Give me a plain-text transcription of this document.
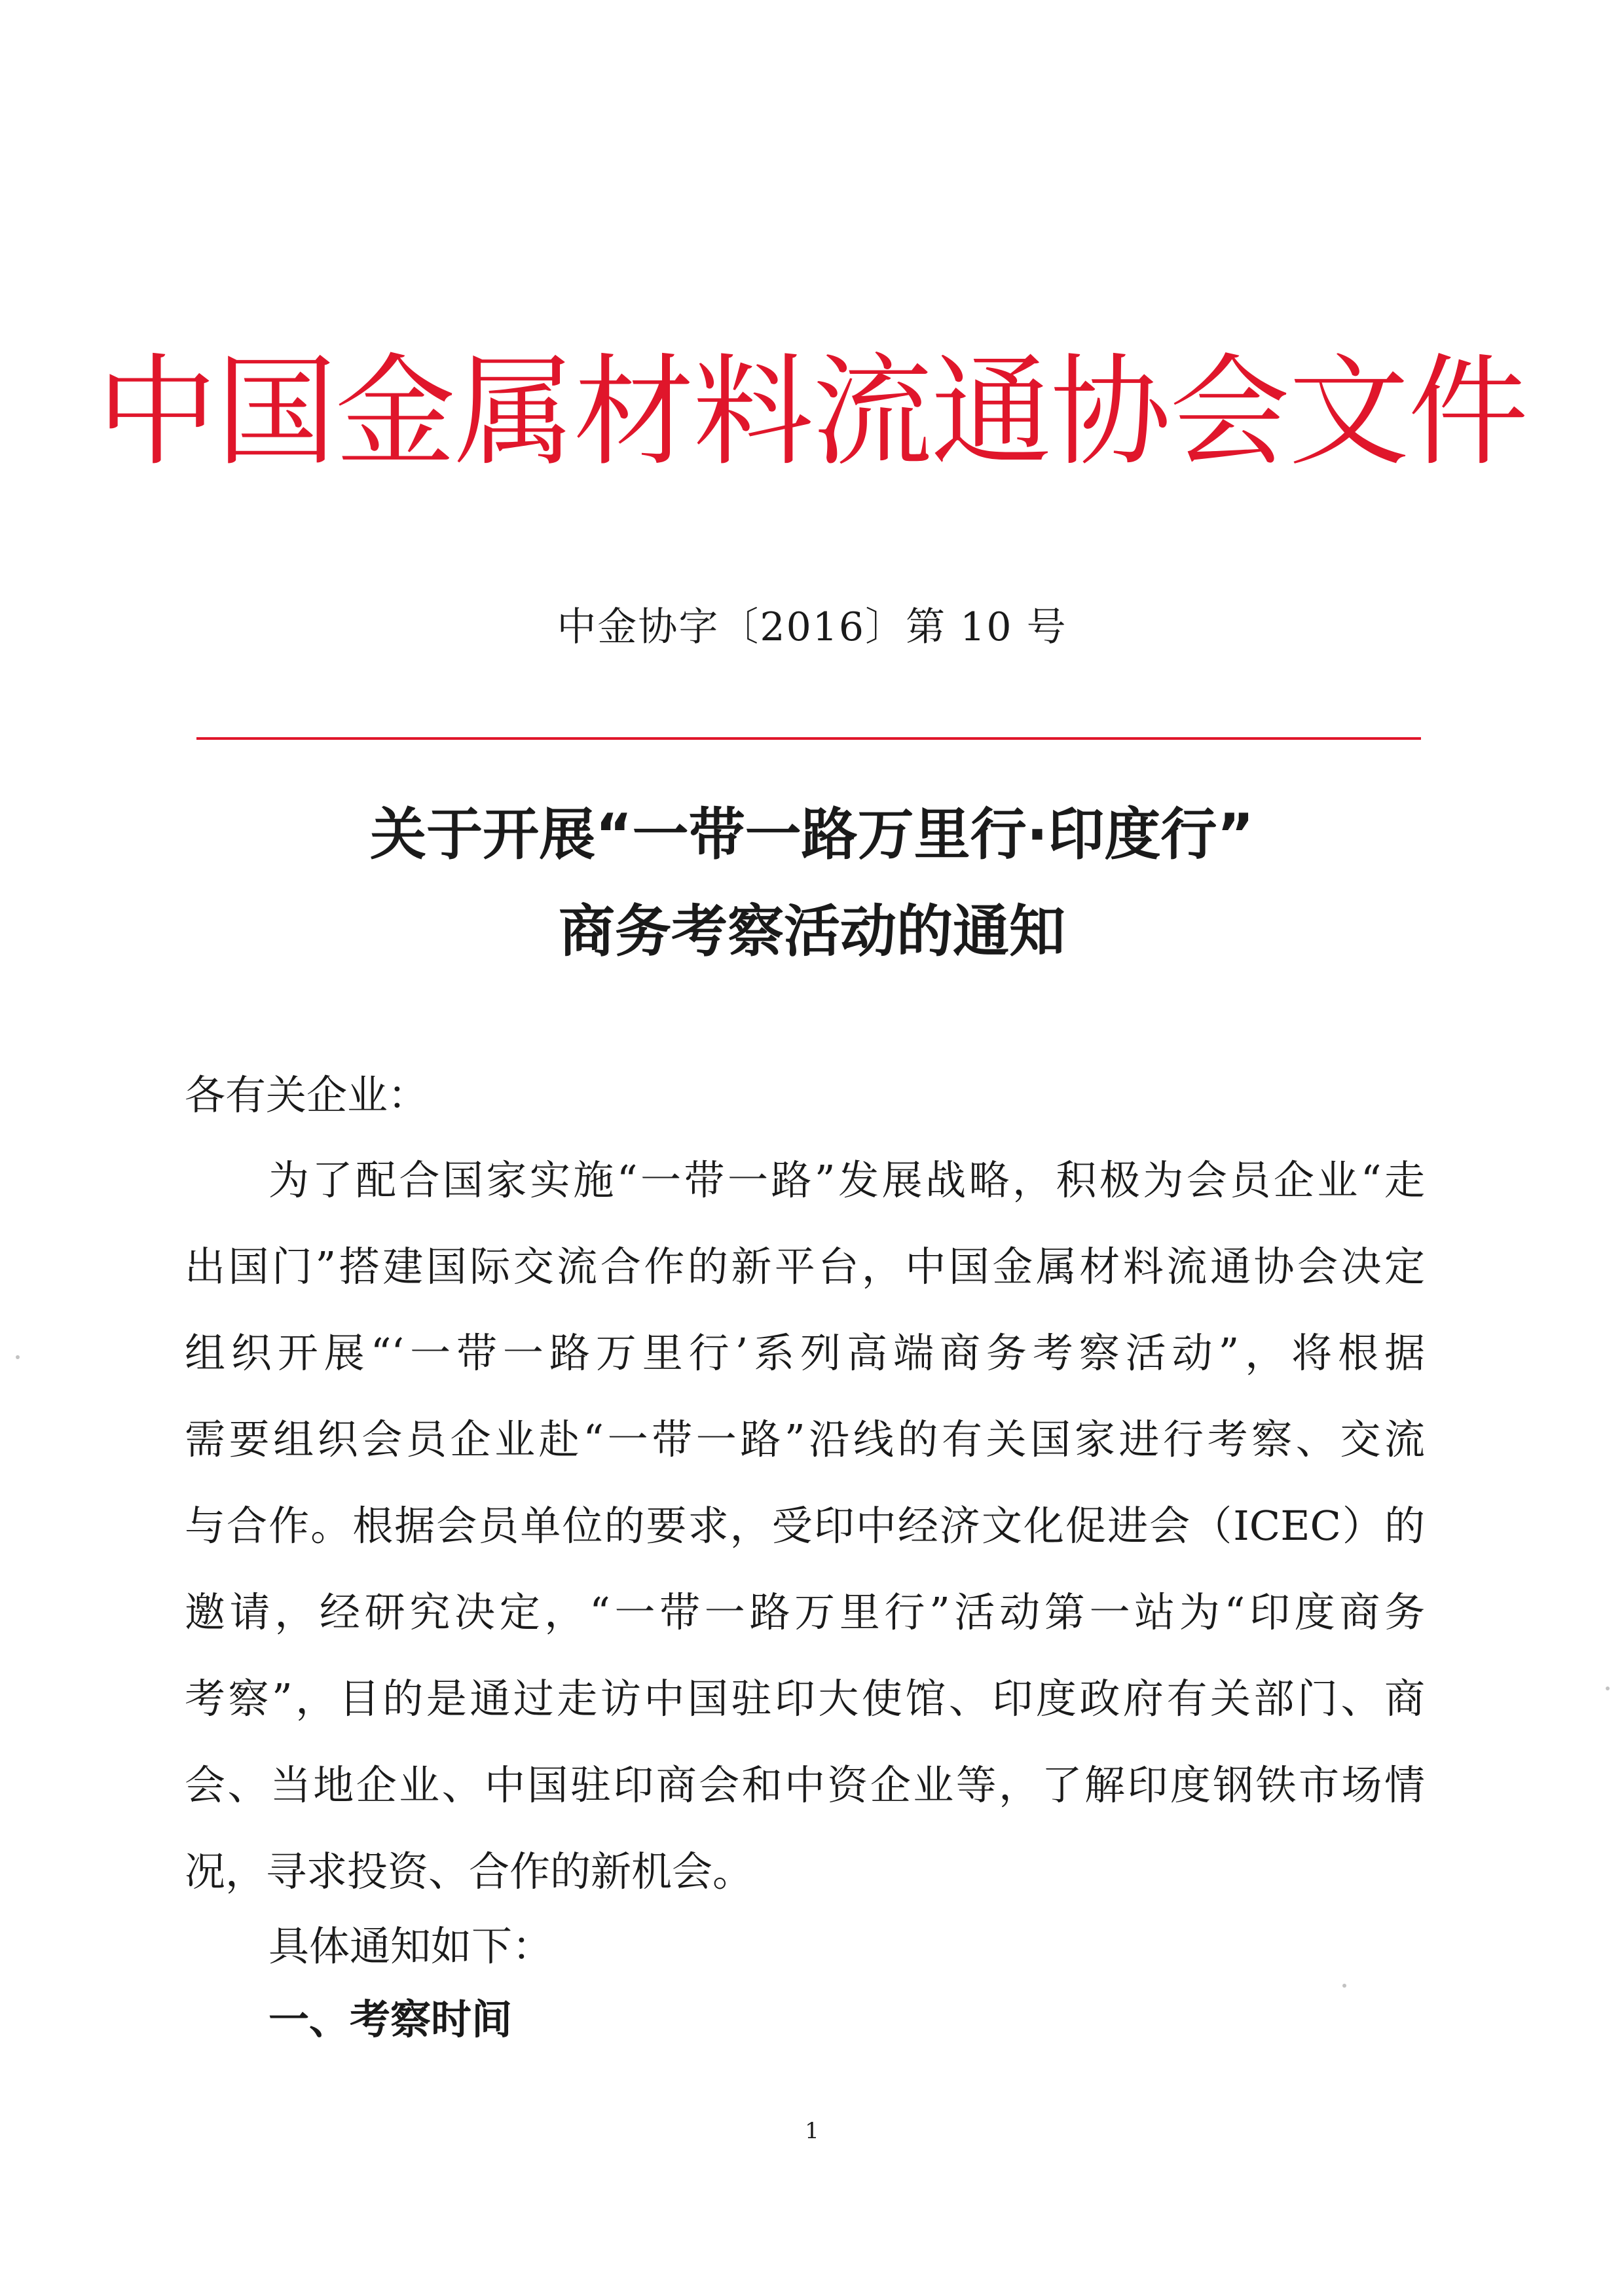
中国金属材料流通协会文件
中金协字〔2016〕第 10 号
关于开展“一带一路万里行·印度行”
商务考察活动的通知
各有关企业：
为了配合国家实施“一带一路”发展战略，积极为会员企业“走
出国门”搭建国际交流合作的新平台，中国金属材料流通协会决定
组织开展“‘一带一路万里行’系列高端商务考察活动”，将根据
需要组织会员企业赴“一带一路”沿线的有关国家进行考察、交流
与合作。根据会员单位的要求，受印中经济文化促进会（ICEC）的
邀请，经研究决定，“一带一路万里行”活动第一站为“印度商务
考察”，目的是通过走访中国驻印大使馆、印度政府有关部门、商
会、当地企业、中国驻印商会和中资企业等，了解印度钢铁市场情
况，寻求投资、合作的新机会。
具体通知如下：
一、考察时间
1
